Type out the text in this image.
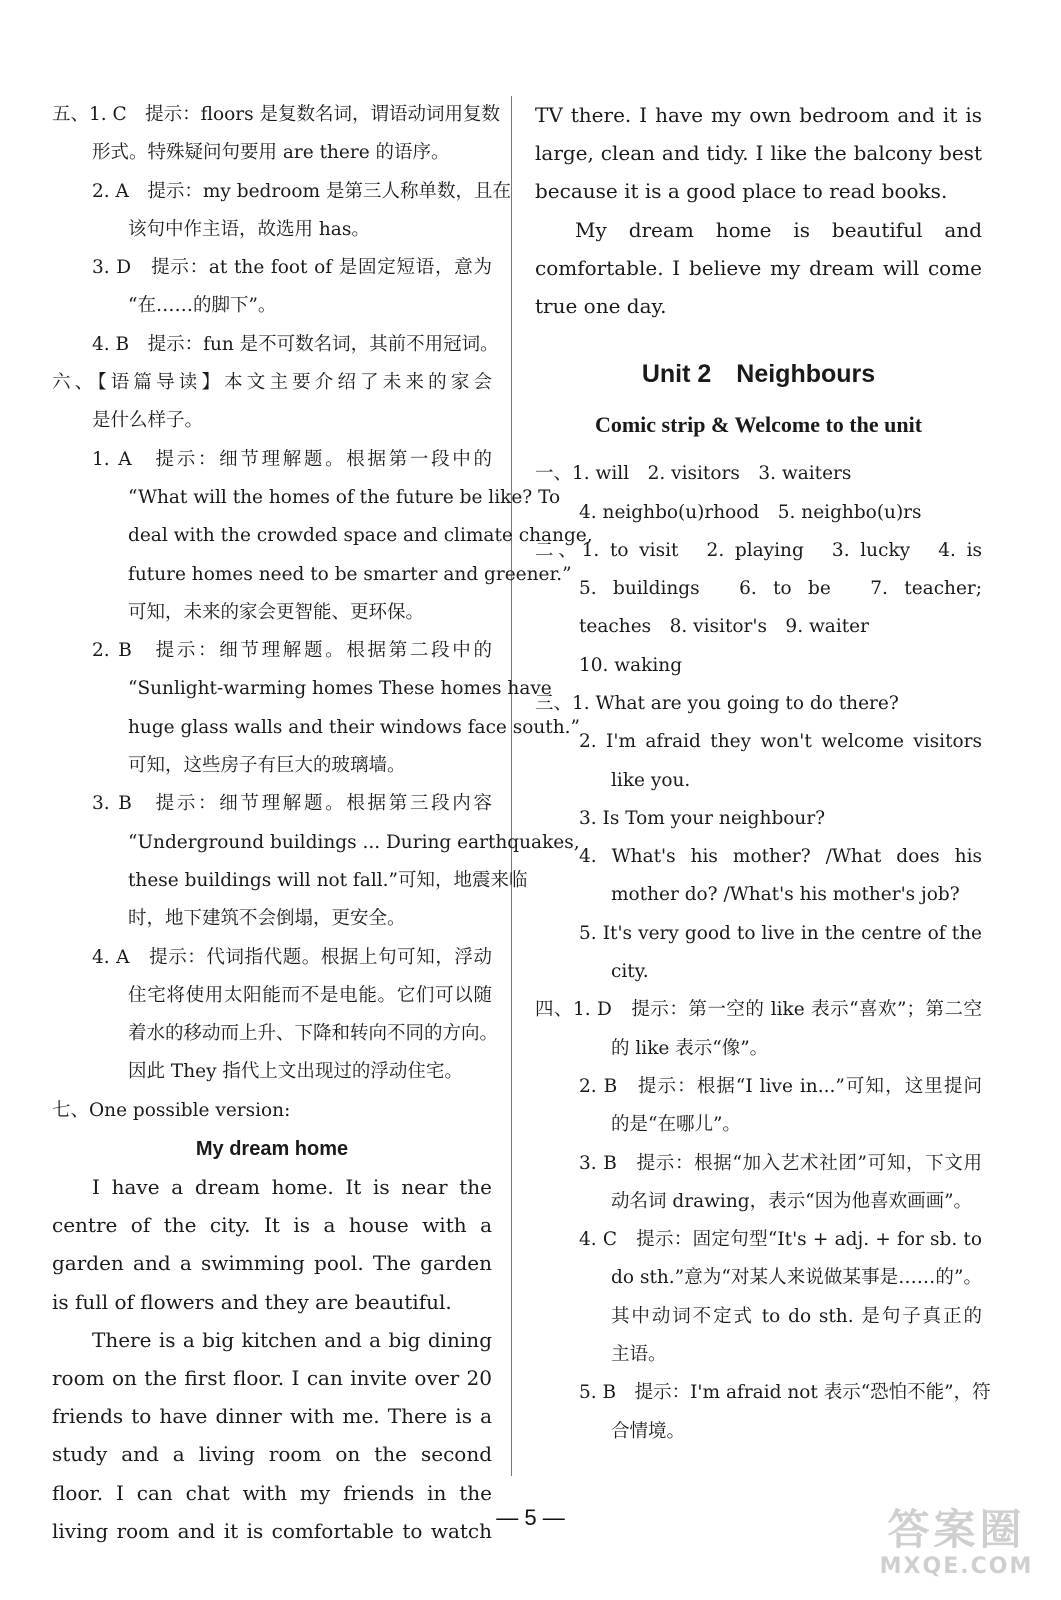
五、1. C　提示：floors 是复数名词，谓语动词用复数
形式。特殊疑问句要用 are there 的语序。
2. A　提示：my bedroom 是第三人称单数，且在
该句中作主语，故选用 has。
3. D　提示：at the foot of 是固定短语，意为
“在……的脚下”。
4. B　提示：fun 是不可数名词，其前不用冠词。
六、【语篇导读】本文主要介绍了未来的家会
是什么样子。
1. A　提示：细节理解题。根据第一段中的
“What will the homes of the future be like? To
deal with the crowded space and climate change,
future homes need to be smarter and greener.”
可知，未来的家会更智能、更环保。
2. B　提示：细节理解题。根据第二段中的
“Sunlight-warming homes These homes have
huge glass walls and their windows face south.”
可知，这些房子有巨大的玻璃墙。
3. B　提示：细节理解题。根据第三段内容
“Underground buildings ... During earthquakes,
these buildings will not fall.”可知，地震来临
时，地下建筑不会倒塌，更安全。
4. A　提示：代词指代题。根据上句可知，浮动
住宅将使用太阳能而不是电能。它们可以随
着水的移动而上升、下降和转向不同的方向。
因此 They 指代上文出现过的浮动住宅。
七、One possible version:
My dream home
I have a dream home. It is near the centre of the city. It is a house with a garden and a swimming pool. The garden is full of flowers and they are beautiful.
There is a big kitchen and a big dining room on the first floor. I can invite over 20 friends to have dinner with me. There is a study and a living room on the second floor. I can chat with my friends in the living room and it is comfortable to watch
TV there. I have my own bedroom and it is large, clean and tidy. I like the balcony best because it is a good place to read books.
My dream home is beautiful and comfortable. I believe my dream will come true one day.
Unit 2　Neighbours
Comic strip & Welcome to the unit
一、1. will　2. visitors　3. waiters
4. neighbo(u)rhood　5. neighbo(u)rs
二、1. to visit　2. playing　3. lucky　4. is
5. buildings　6. to be　7. teacher;
teaches　8. visitor's　9. waiter
10. waking
三、1. What are you going to do there?
2. I'm afraid they won't welcome visitors
like you.
3. Is Tom your neighbour?
4. What's his mother? /What does his
mother do? /What's his mother's job?
5. It's very good to live in the centre of the
city.
四、1. D　提示：第一空的 like 表示“喜欢”；第二空
的 like 表示“像”。
2. B　提示：根据“I live in...”可知，这里提问
的是“在哪儿”。
3. B　提示：根据“加入艺术社团”可知，下文用
动名词 drawing，表示“因为他喜欢画画”。
4. C　提示：固定句型“It's + adj. + for sb. to
do sth.”意为“对某人来说做某事是……的”。
其中动词不定式 to do sth. 是句子真正的
主语。
5. B　提示：I'm afraid not 表示“恐怕不能”，符
合情境。
— 5 —	答案圈
MXQE.COM
